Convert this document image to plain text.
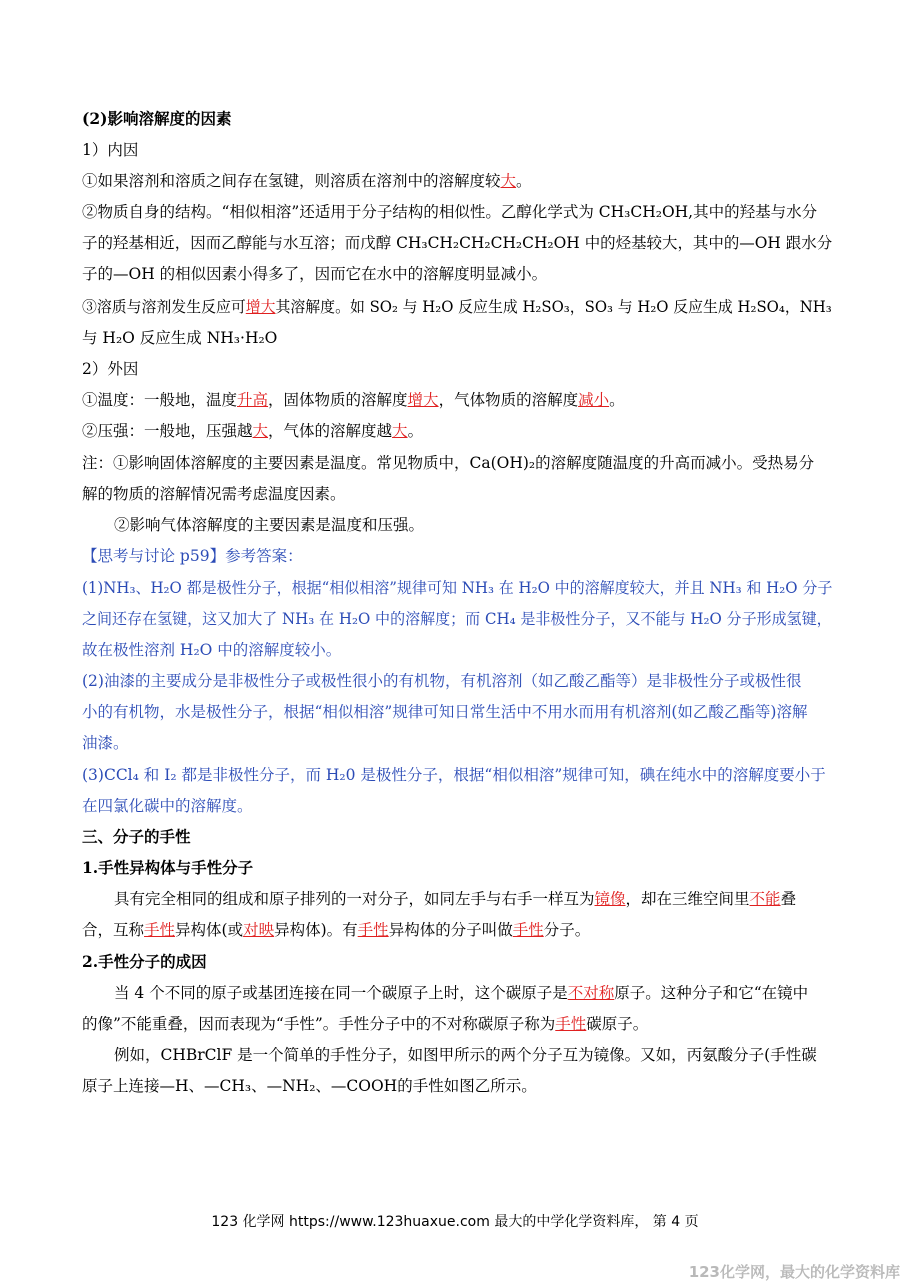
(2)影响溶解度的因素
1）内因
①如果溶剂和溶质之间存在氢键，则溶质在溶剂中的溶解度较大。
②物质自身的结构。“相似相溶”还适用于分子结构的相似性。乙醇化学式为 CH₃CH₂OH,其中的羟基与水分
子的羟基相近，因而乙醇能与水互溶；而戊醇 CH₃CH₂CH₂CH₂CH₂OH 中的烃基较大，其中的—OH 跟水分
子的—OH 的相似因素小得多了，因而它在水中的溶解度明显减小。
③溶质与溶剂发生反应可增大其溶解度。如 SO₂ 与 H₂O 反应生成 H₂SO₃，SO₃ 与 H₂O 反应生成 H₂SO₄，NH₃
与 H₂O 反应生成 NH₃·H₂O
2）外因
①温度：一般地，温度升高，固体物质的溶解度增大，气体物质的溶解度减小。
②压强：一般地，压强越大，气体的溶解度越大。
注：①影响固体溶解度的主要因素是温度。常见物质中，Ca(OH)₂的溶解度随温度的升高而减小。受热易分
解的物质的溶解情况需考虑温度因素。
②影响气体溶解度的主要因素是温度和压强。
【思考与讨论 p59】参考答案：
(1)NH₃、H₂O 都是极性分子，根据“相似相溶”规律可知 NH₃ 在 H₂O 中的溶解度较大，并且 NH₃ 和 H₂O 分子
之间还存在氢键，这又加大了 NH₃ 在 H₂O 中的溶解度；而 CH₄ 是非极性分子，又不能与 H₂O 分子形成氢键，
故在极性溶剂 H₂O 中的溶解度较小。
(2)油漆的主要成分是非极性分子或极性很小的有机物，有机溶剂（如乙酸乙酯等）是非极性分子或极性很
小的有机物，水是极性分子，根据“相似相溶”规律可知日常生活中不用水而用有机溶剂(如乙酸乙酯等)溶解
油漆。
(3)CCl₄ 和 I₂ 都是非极性分子，而 H₂0 是极性分子，根据“相似相溶”规律可知，碘在纯水中的溶解度要小于
在四氯化碳中的溶解度。
三、分子的手性
1.手性异构体与手性分子
具有完全相同的组成和原子排列的一对分子，如同左手与右手一样互为镜像，却在三维空间里不能叠
合，互称手性异构体(或对映异构体)。有手性异构体的分子叫做手性分子。
2.手性分子的成因
当 4 个不同的原子或基团连接在同一个碳原子上时，这个碳原子是不对称原子。这种分子和它“在镜中
的像”不能重叠，因而表现为“手性”。手性分子中的不对称碳原子称为手性碳原子。
例如，CHBrClF 是一个简单的手性分子，如图甲所示的两个分子互为镜像。又如，丙氨酸分子(手性碳
原子上连接—H、—CH₃、—NH₂、—COOH的手性如图乙所示。
123 化学网 https://www.123huaxue.com 最大的中学化学资料库， 第 4 页
123化学网，最大的化学资料库
